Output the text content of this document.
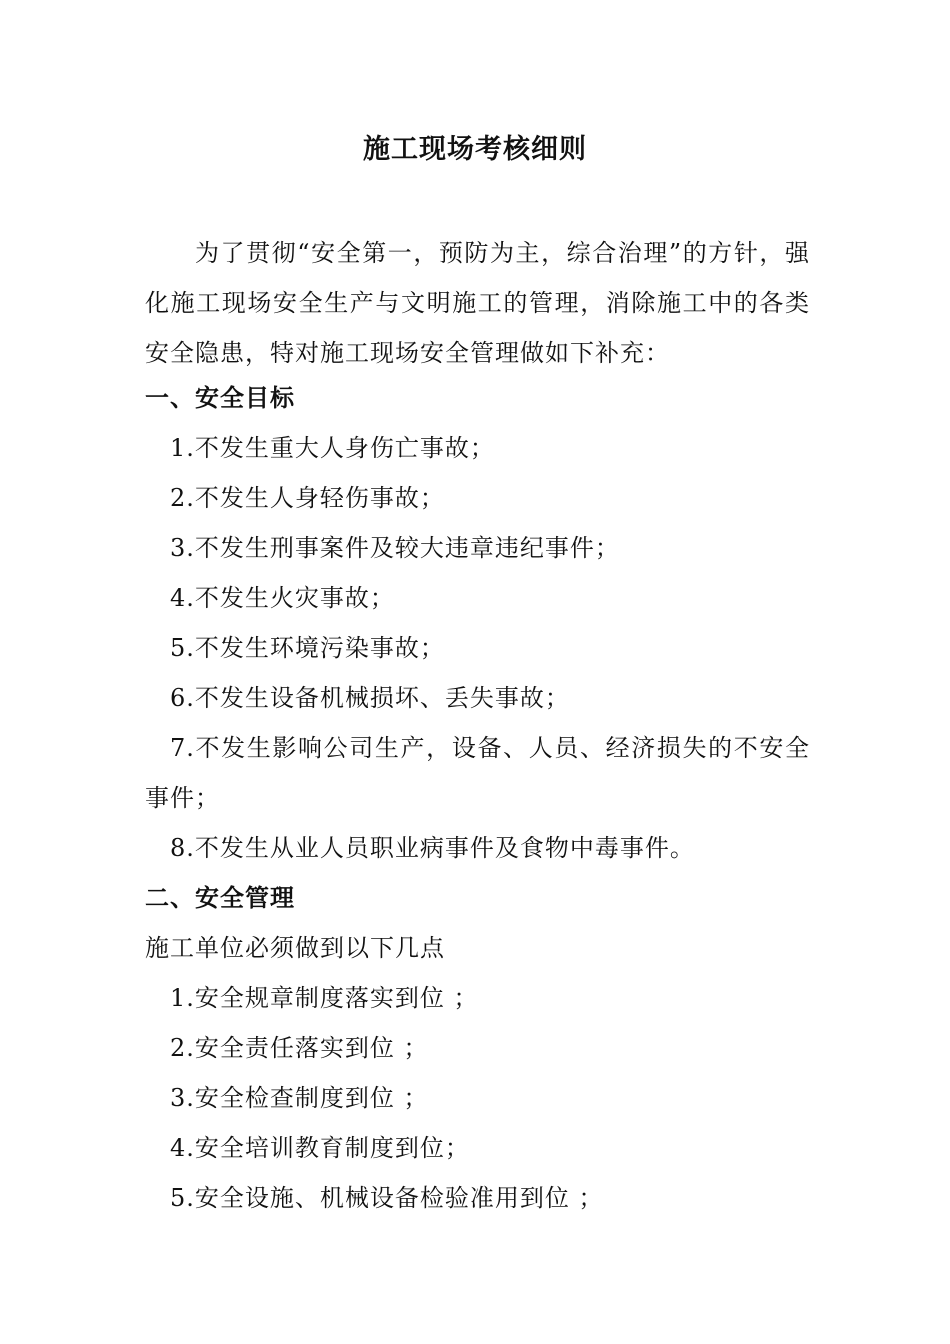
施工现场考核细则
为了贯彻“安全第一，预防为主，综合治理”的方针，强化施工现场安全生产与文明施工的管理，消除施工中的各类安全隐患，特对施工现场安全管理做如下补充：
一、安全目标
1.不发生重大人身伤亡事故；
2.不发生人身轻伤事故；
3.不发生刑事案件及较大违章违纪事件；
4.不发生火灾事故；
5.不发生环境污染事故；
6.不发生设备机械损坏、丢失事故；
7.不发生影响公司生产，设备、人员、经济损失的不安全事件；
8.不发生从业人员职业病事件及食物中毒事件。
二、安全管理
施工单位必须做到以下几点
1.安全规章制度落实到位 ；
2.安全责任落实到位 ；
3.安全检查制度到位 ；
4.安全培训教育制度到位；
5.安全设施、机械设备检验准用到位 ；
